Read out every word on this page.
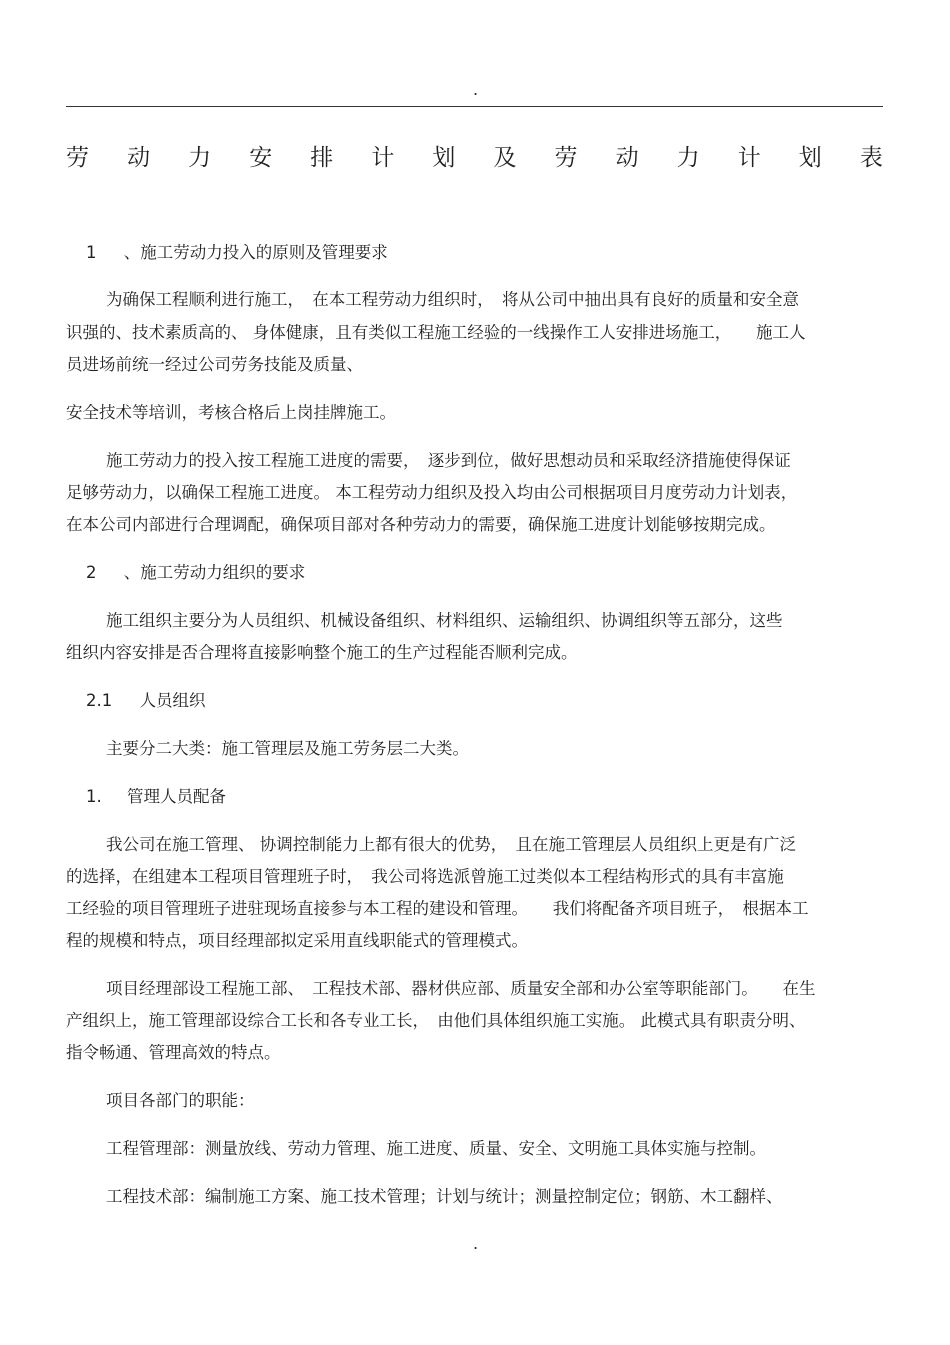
.
劳 动 力 安 排 计 划 及 劳 动 力 计 划 表
1 、施工劳动力投入的原则及管理要求
为确保工程顺利进行施工，　在本工程劳动力组织时，　将从公司中抽出具有良好的质量和安全意
识强的、技术素质高的、 身体健康，且有类似工程施工经验的一线操作工人安排进场施工，　　施工人
员进场前统一经过公司劳务技能及质量、
安全技术等培训，考核合格后上岗挂牌施工。
施工劳动力的投入按工程施工进度的需要，　逐步到位，做好思想动员和采取经济措施使得保证
足够劳动力，以确保工程施工进度。 本工程劳动力组织及投入均由公司根据项目月度劳动力计划表，
在本公司内部进行合理调配，确保项目部对各种劳动力的需要，确保施工进度计划能够按期完成。
2 、施工劳动力组织的要求
施工组织主要分为人员组织、机械设备组织、材料组织、运输组织、协调组织等五部分，这些
组织内容安排是否合理将直接影响整个施工的生产过程能否顺利完成。
2.1 人员组织
主要分二大类：施工管理层及施工劳务层二大类。
1. 管理人员配备
我公司在施工管理、 协调控制能力上都有很大的优势，　且在施工管理层人员组织上更是有广泛
的选择，在组建本工程项目管理班子时，　我公司将选派曾施工过类似本工程结构形式的具有丰富施
工经验的项目管理班子进驻现场直接参与本工程的建设和管理。　　我们将配备齐项目班子，　根据本工
程的规模和特点，项目经理部拟定采用直线职能式的管理模式。
项目经理部设工程施工部、　工程技术部、器材供应部、质量安全部和办公室等职能部门。　　在生
产组织上，施工管理部设综合工长和各专业工长，　由他们具体组织施工实施。 此模式具有职责分明、
指令畅通、管理高效的特点。
项目各部门的职能：
工程管理部：测量放线、劳动力管理、施工进度、质量、安全、文明施工具体实施与控制。
工程技术部：编制施工方案、施工技术管理；计划与统计；测量控制定位；钢筋、木工翻样、
.
